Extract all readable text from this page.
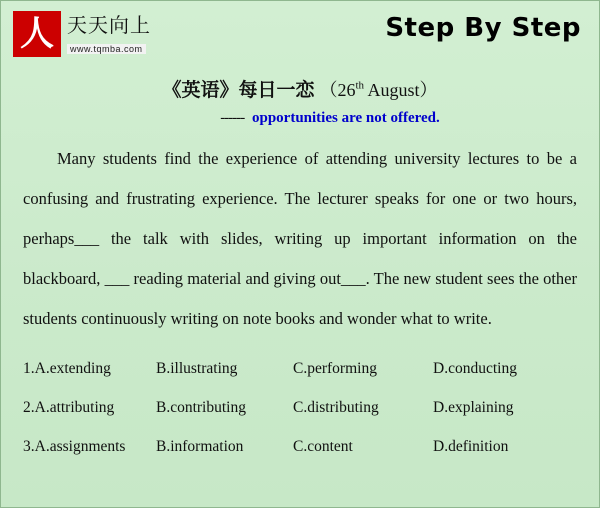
人 天天向上
www.tqmba.com
Step By Step
《英语》每日一恋 （26th August）
------ opportunities are not offered.
Many students find the experience of attending university lectures to be a confusing and frustrating experience. The lecturer speaks for one or two hours, perhaps___ the talk with slides, writing up important information on the blackboard, ___ reading material and giving out___. The new student sees the other students continuously writing on note books and wonder what to write.
1.A.extending	B.illustrating	C.performing	D.conducting
2.A.attributing	B.contributing	C.distributing	D.explaining
3.A.assignments	B.information	C.content	D.definition
